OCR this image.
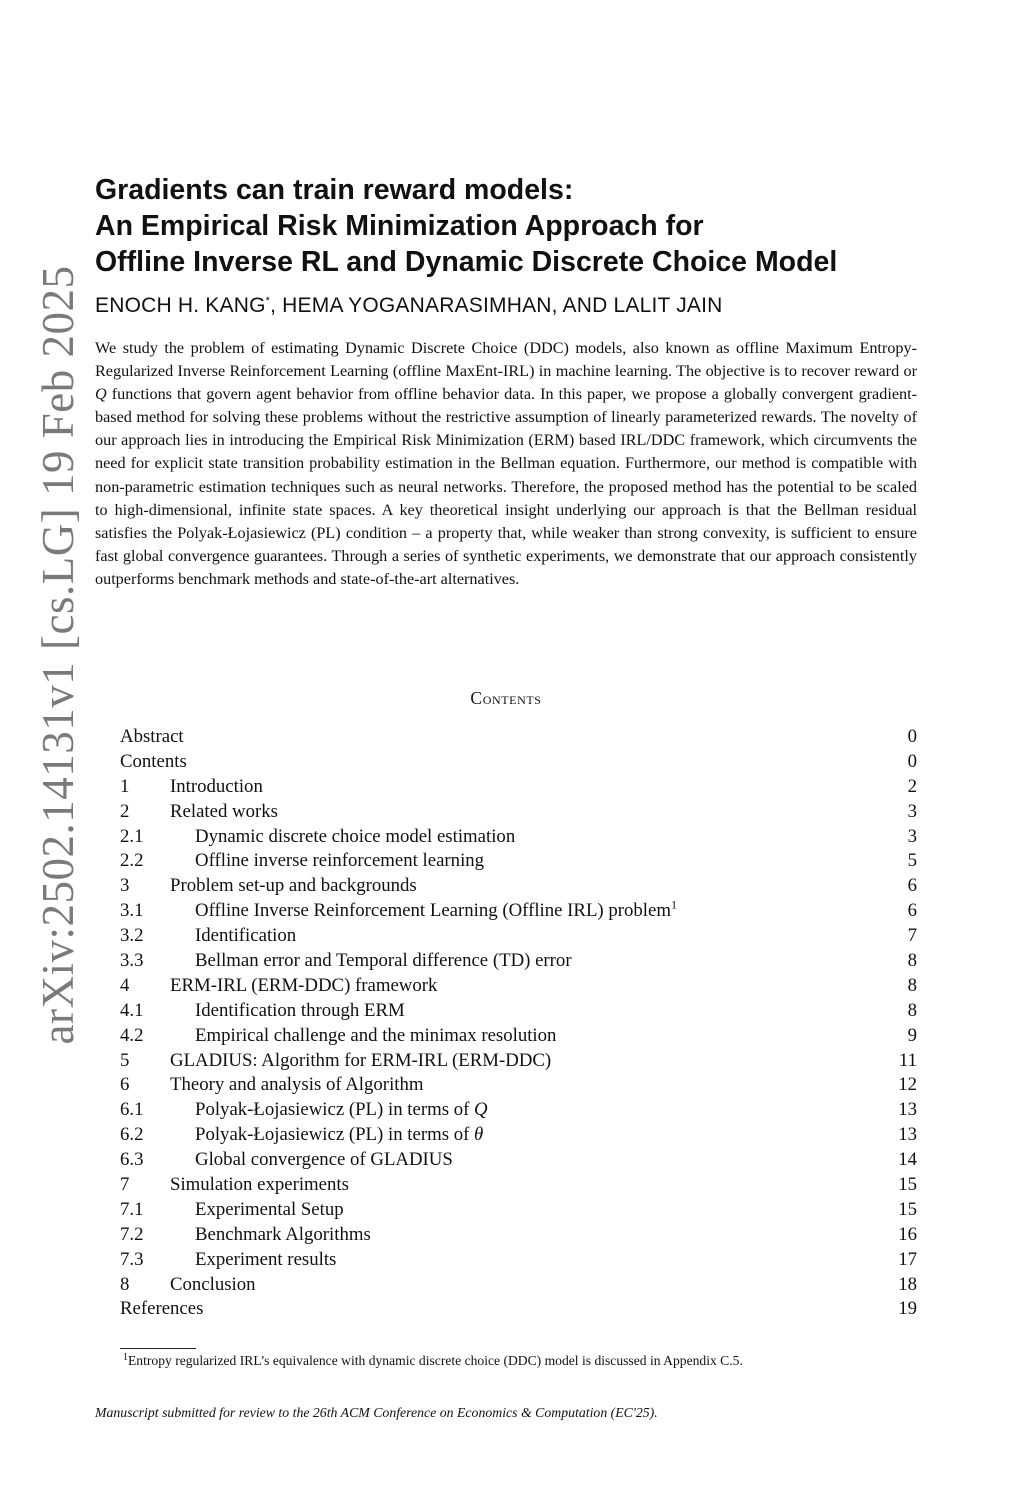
arXiv:2502.14131v1 [cs.LG] 19 Feb 2025
Gradients can train reward models:
An Empirical Risk Minimization Approach for
Offline Inverse RL and Dynamic Discrete Choice Model
ENOCH H. KANG*, HEMA YOGANARASIMHAN, AND LALIT JAIN
We study the problem of estimating Dynamic Discrete Choice (DDC) models, also known as offline Maximum Entropy-Regularized Inverse Reinforcement Learning (offline MaxEnt-IRL) in machine learning. The objective is to recover reward or Q functions that govern agent behavior from offline behavior data. In this paper, we propose a globally convergent gradient-based method for solving these problems without the restrictive assumption of linearly parameterized rewards. The novelty of our approach lies in introducing the Empirical Risk Minimization (ERM) based IRL/DDC framework, which circumvents the need for explicit state transition probability estimation in the Bellman equation. Furthermore, our method is compatible with non-parametric estimation techniques such as neural networks. Therefore, the proposed method has the potential to be scaled to high-dimensional, infinite state spaces. A key theoretical insight underlying our approach is that the Bellman residual satisfies the Polyak-Łojasiewicz (PL) condition – a property that, while weaker than strong convexity, is sufficient to ensure fast global convergence guarantees. Through a series of synthetic experiments, we demonstrate that our approach consistently outperforms benchmark methods and state-of-the-art alternatives.
Contents
Abstract	0
Contents	0
1 Introduction	2
2 Related works	3
2.1	Dynamic discrete choice model estimation	3
2.2	Offline inverse reinforcement learning	5
3 Problem set-up and backgrounds	6
3.1	Offline Inverse Reinforcement Learning (Offline IRL) problem$^1$	6
3.2	Identification	7
3.3	Bellman error and Temporal difference (TD) error	8
4 ERM-IRL (ERM-DDC) framework	8
4.1	Identification through ERM	8
4.2	Empirical challenge and the minimax resolution	9
5 GLADIUS: Algorithm for ERM-IRL (ERM-DDC)	11
6 Theory and analysis of Algorithm	12
6.1	Polyak-Łojasiewicz (PL) in terms of Q	13
6.2	Polyak-Łojasiewicz (PL) in terms of θ	13
6.3	Global convergence of GLADIUS	14
7 Simulation experiments	15
7.1	Experimental Setup	15
7.2	Benchmark Algorithms	16
7.3	Experiment results	17
8 Conclusion	18
References	19
$^1$Entropy regularized IRL’s equivalence with dynamic discrete choice (DDC) model is discussed in Appendix C.5.
Manuscript submitted for review to the 26th ACM Conference on Economics & Computation (EC'25).
